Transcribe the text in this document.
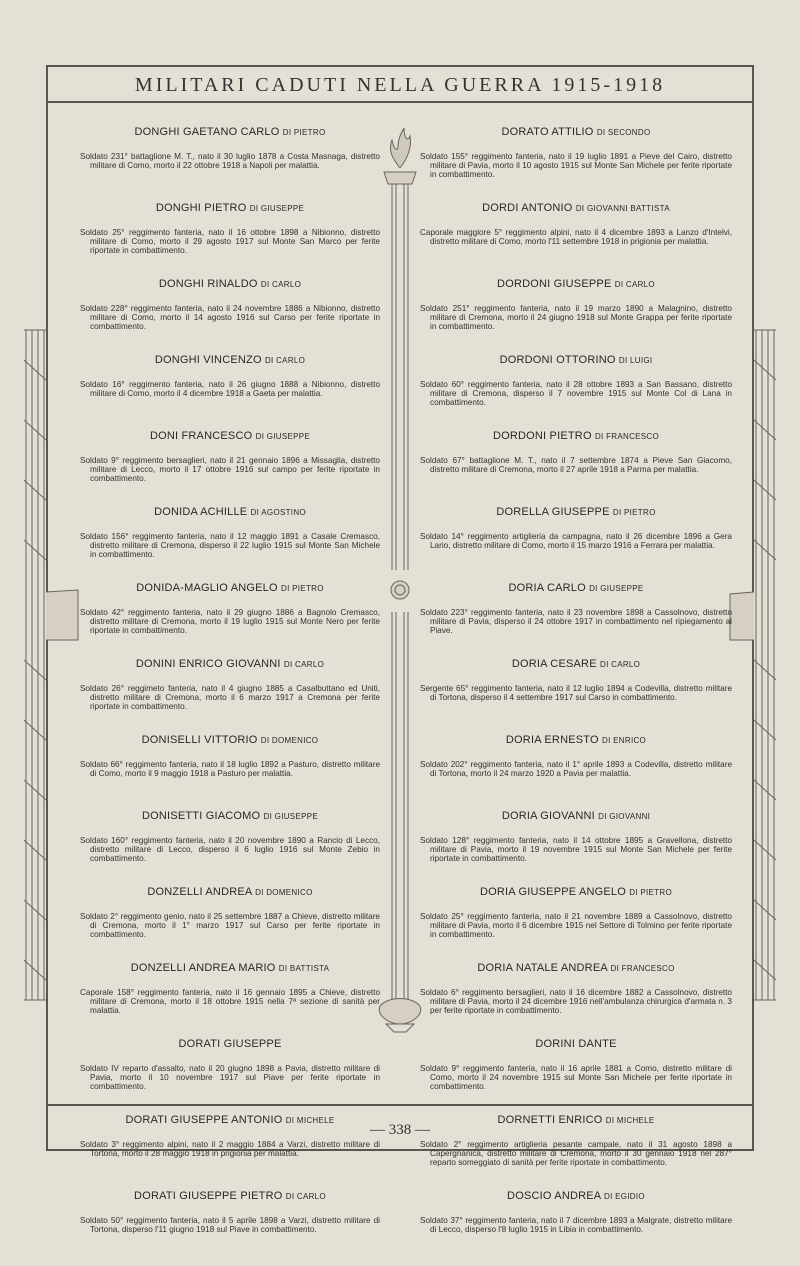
MILITARI CADUTI NELLA GUERRA 1915-1918
— 338 —
DONGHI GAETANO CARLO DI PIETRO
Soldato 231° battaglione M. T., nato il 30 luglio 1878 a Costa Masnaga, distretto militare di Como, morto il 22 ottobre 1918 a Napoli per malattia.
DONGHI PIETRO DI GIUSEPPE
Soldato 25° reggimento fanteria, nato il 16 ottobre 1898 a Nibionno, distretto militare di Como, morto il 29 agosto 1917 sul Monte San Marco per ferite riportate in combattimento.
DONGHI RINALDO DI CARLO
Soldato 228° reggimento fanteria, nato il 24 novembre 1886 a Nibionno, distretto militare di Como, morto il 14 agosto 1916 sul Carso per ferite riportate in combattimento.
DONGHI VINCENZO DI CARLO
Soldato 16° reggimento fanteria, nato il 26 giugno 1888 a Nibionno, distretto militare di Como, morto il 4 dicembre 1918 a Gaeta per malattia.
DONI FRANCESCO DI GIUSEPPE
Soldato 9° reggimento bersaglieri, nato il 21 gennaio 1896 a Missaglia, distretto militare di Lecco, morto il 17 ottobre 1916 sul campo per ferite riportate in combattimento.
DONIDA ACHILLE DI AGOSTINO
Soldato 156° reggimento fanteria, nato il 12 maggio 1891 a Casale Cremasco, distretto militare di Cremona, disperso il 22 luglio 1915 sul Monte San Michele in combattimento.
DONIDA-MAGLIO ANGELO DI PIETRO
Soldato 42° reggimento fanteria, nato il 29 giugno 1886 a Bagnolo Cremasco, distretto militare di Cremona, morto il 19 luglio 1915 sul Monte Nero per ferite riportate in combattimento.
DONINI ENRICO GIOVANNI DI CARLO
Soldato 26° reggimeto fanteria, nato il 4 giugno 1885 a Casalbuttano ed Uniti, distretto militare di Cremona, morto il 6 marzo 1917 a Cremona per ferite riportate in combattimento.
DONISELLI VITTORIO DI DOMENICO
Soldato 66° reggimento fanteria, nato il 18 luglio 1892 a Pasturo, distretto militare di Como, morto il 9 maggio 1918 a Pasturo per malattia.
DONISETTI GIACOMO DI GIUSEPPE
Soldato 160° reggimento fanteria, nato il 20 novembre 1890 a Rancio di Lecco, distretto militare di Lecco, disperso il 6 luglio 1916 sul Monte Zebio in combattimento.
DONZELLI ANDREA DI DOMENICO
Soldato 2° reggimento genio, nato il 25 settembre 1887 a Chieve, distretto militare di Cremona, morto il 1° marzo 1917 sul Carso per ferite riportate in combattimento.
DONZELLI ANDREA MARIO DI BATTISTA
Caporale 158° reggimento fanteria, nato il 16 gennaio 1895 a Chieve, distretto militare di Cremona, morto il 18 ottobre 1915 nella 7ª sezione di sanità per malattia.
DORATI GIUSEPPE
Soldato IV reparto d'assalto, nato il 20 giugno 1898 a Pavia, distretto militare di Pavia, morto il 10 novembre 1917 sul Piave per ferite riportate in combattimento.
DORATI GIUSEPPE ANTONIO DI MICHELE
Soldato 3° reggimento alpini, nato il 2 maggio 1884 a Varzi, distretto militare di Tortona, morto il 28 maggio 1918 in prigionia per malattia.
DORATI GIUSEPPE PIETRO DI CARLO
Soldato 50° reggimento fanteria, nato il 5 aprile 1898 a Varzi, distretto militare di Tortona, disperso l'11 giugno 1918 sul Piave in combattimento.
DORATO ATTILIO DI SECONDO
Soldato 155° reggimento fanteria, nato il 19 luglio 1891 a Pieve del Cairo, distretto militare di Pavia, morto il 10 agosto 1915 sul Monte San Michele per ferite riportate in combattimento.
DORDI ANTONIO DI GIOVANNI BATTISTA
Caporale maggiore 5° reggimento alpini, nato il 4 dicembre 1893 a Lanzo d'Intelvi, distretto militare di Como, morto l'11 settembre 1918 in prigionia per malattia.
DORDONI GIUSEPPE DI CARLO
Soldato 251° reggimento fanteria, nato il 19 marzo 1890 a Malagnino, distretto militare di Cremona, morto il 24 giugno 1918 sul Monte Grappa per ferite riportate in combattimento.
DORDONI OTTORINO DI LUIGI
Soldato 60° reggimento fanteria, nato il 28 ottobre 1893 a San Bassano, distretto militare di Cremona, disperso il 7 novembre 1915 sul Monte Col di Lana in combattimento.
DORDONI PIETRO DI FRANCESCO
Soldato 67° battaglione M. T., nato il 7 settembre 1874 a Pieve San Giacomo, distretto militare di Cremona, morto il 27 aprile 1918 a Parma per malattia.
DORELLA GIUSEPPE DI PIETRO
Soldato 14° reggimento artiglieria da campagna, nato il 26 dicembre 1896 a Gera Lario, distretto militare di Como, morto il 15 marzo 1916 a Ferrara per malattia.
DORIA CARLO DI GIUSEPPE
Soldato 223° reggimento fanteria, nato il 23 novembre 1898 a Cassolnovo, distretto militare di Pavia, disperso il 24 ottobre 1917 in combattimento nel ripiegamento al Piave.
DORIA CESARE DI CARLO
Sergente 65° reggimento fanteria, nato il 12 luglio 1894 a Codevilla, distretto militare di Tortona, disperso il 4 settembre 1917 sul Carso in combattimento.
DORIA ERNESTO DI ENRICO
Soldato 202° reggimento fanteria, nato il 1° aprile 1893 a Codevilla, distretto militare di Tortona, morto il 24 marzo 1920 a Pavia per malattia.
DORIA GIOVANNI DI GIOVANNI
Soldato 128° reggimento fanteria, nato il 14 ottobre 1895 a Gravellona, distretto militare di Pavia, morto il 19 novembre 1915 sul Monte San Michele per ferite riportate in combattimento.
DORIA GIUSEPPE ANGELO DI PIETRO
Soldato 25° reggimento fanteria, nato il 21 novembre 1889 a Cassolnovo, distretto militare di Pavia, morto il 6 dicembre 1915 nel Settore di Tolmino per ferite riportate in combattimento.
DORIA NATALE ANDREA DI FRANCESCO
Soldato 6° reggimento bersaglieri, nato il 16 dicembre 1882 a Cassolnovo, distretto militare di Pavia, morto il 24 dicembre 1916 nell'ambulanza chirurgica d'armata n. 3 per ferite riportate in combattimento.
DORINI DANTE
Soldato 9° reggimento fanteria, nato il 16 aprile 1881 a Como, distretto militare di Como, morto il 24 novembre 1915 sul Monte San Michele per ferite riportate in combattimento.
DORNETTI ENRICO DI MICHELE
Soldato 2° reggimento artiglieria pesante campale, nato il 31 agosto 1898 a Capergnanica, distretto militare di Cremona, morto il 30 gennaio 1918 nel 287° reparto someggiato di sanità per ferite riportate in combattimento.
DOSCIO ANDREA DI EGIDIO
Soldato 37° reggimento fanteria, nato il 7 dicembre 1893 a Malgrate, distretto militare di Lecco, disperso l'8 luglio 1915 in Libia in combattimento.
